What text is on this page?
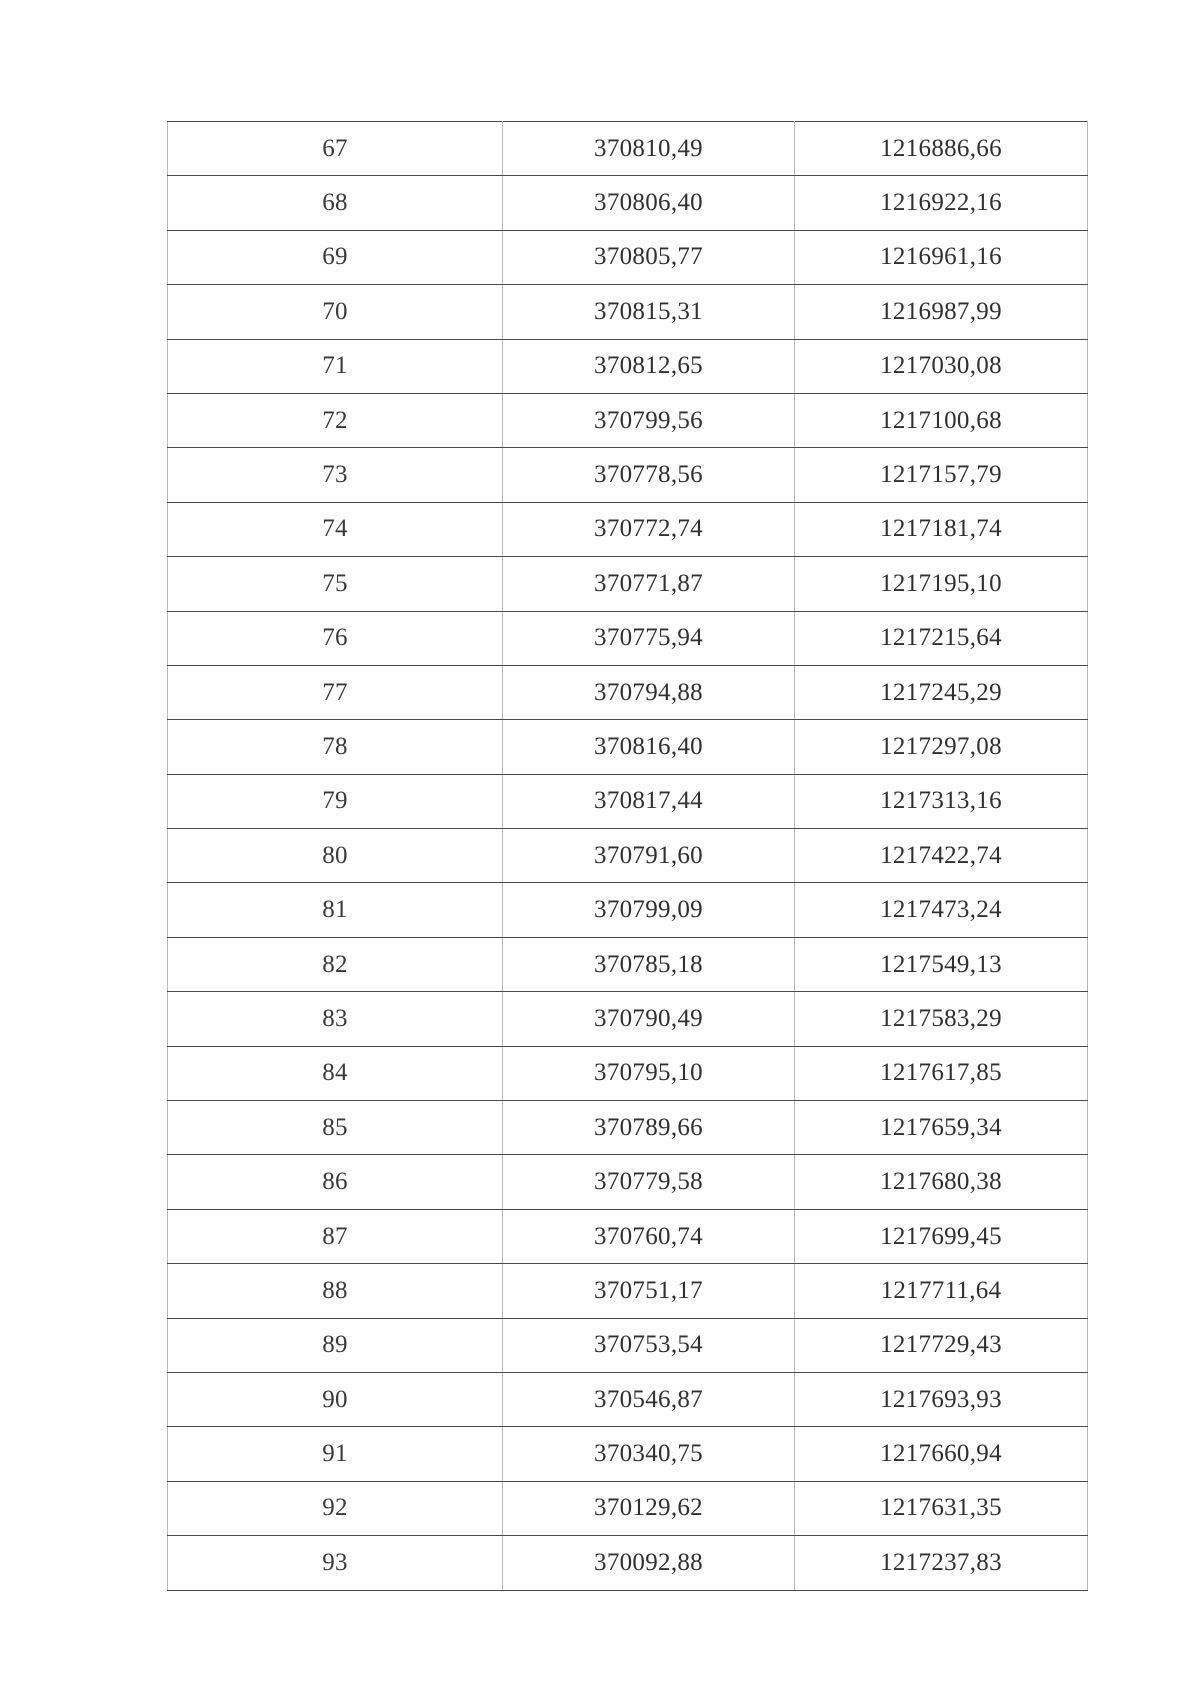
67	370810,49	1216886,66
68	370806,40	1216922,16
69	370805,77	1216961,16
70	370815,31	1216987,99
71	370812,65	1217030,08
72	370799,56	1217100,68
73	370778,56	1217157,79
74	370772,74	1217181,74
75	370771,87	1217195,10
76	370775,94	1217215,64
77	370794,88	1217245,29
78	370816,40	1217297,08
79	370817,44	1217313,16
80	370791,60	1217422,74
81	370799,09	1217473,24
82	370785,18	1217549,13
83	370790,49	1217583,29
84	370795,10	1217617,85
85	370789,66	1217659,34
86	370779,58	1217680,38
87	370760,74	1217699,45
88	370751,17	1217711,64
89	370753,54	1217729,43
90	370546,87	1217693,93
91	370340,75	1217660,94
92	370129,62	1217631,35
93	370092,88	1217237,83
